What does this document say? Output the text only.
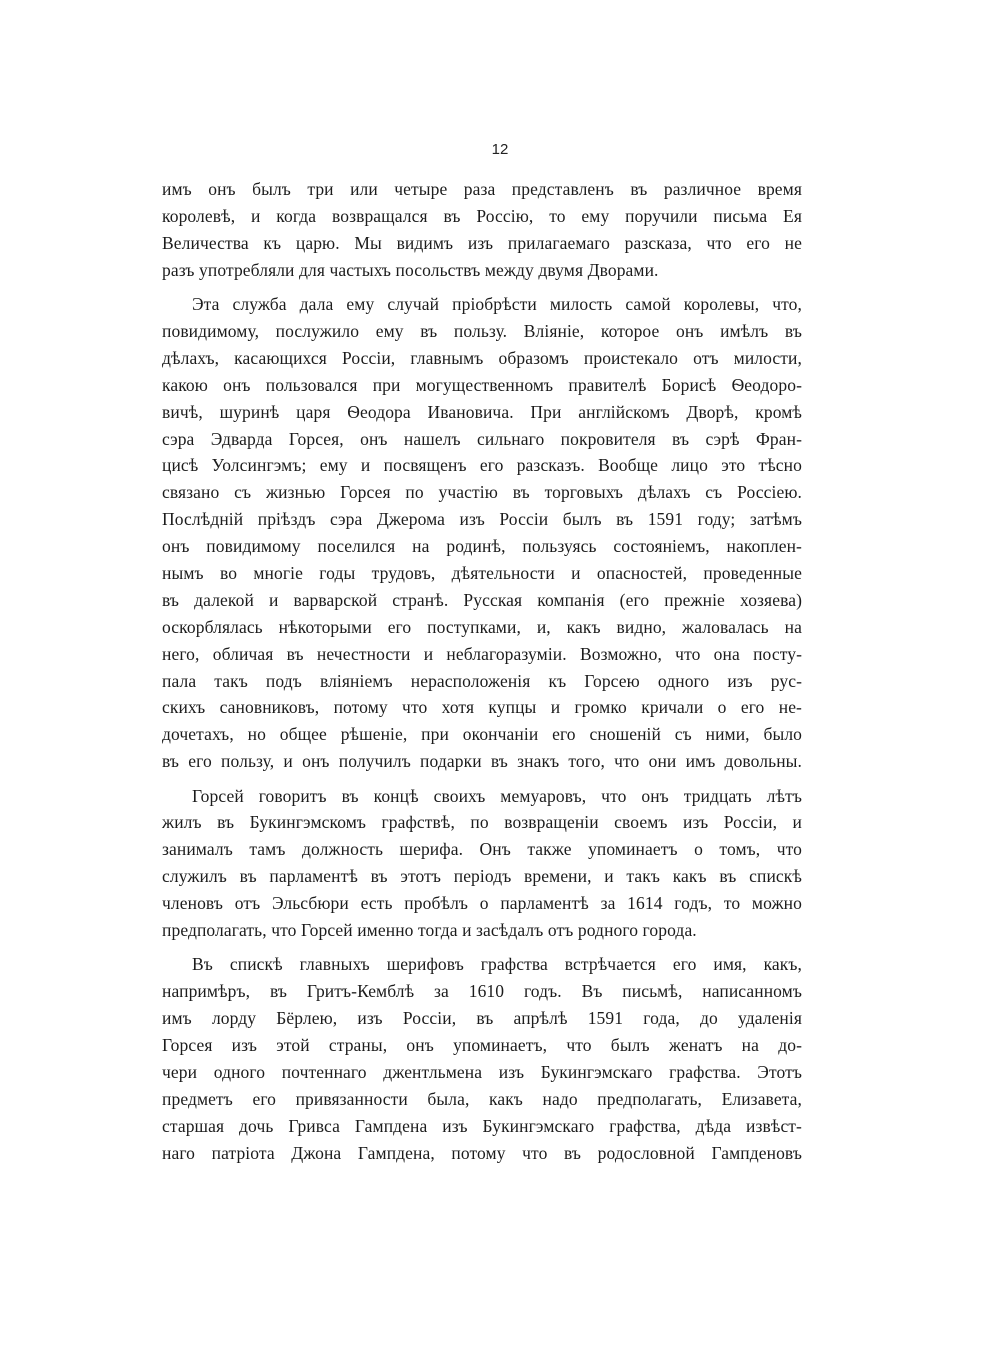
12
имъ онъ былъ три или четыре раза представленъ въ различное время
королевѣ, и когда возвращался въ Россію, то ему поручили письма Ея
Величества къ царю. Мы видимъ изъ прилагаемаго разсказа, что его не
разъ употребляли для частыхъ посольствъ между двумя Дворами.
Эта служба дала ему случай пріобрѣсти милость самой королевы, что,
повидимому, послужило ему въ пользу. Вліяніе, которое онъ имѣлъ въ
дѣлахъ, касающихся Россіи, главнымъ образомъ проистекало отъ милости,
какою онъ пользовался при могущественномъ правителѣ Борисѣ Ѳеодоро-
вичѣ, шуринѣ царя Ѳеодора Ивановича. При англійскомъ Дворѣ, кромѣ
сэра Эдварда Горсея, онъ нашелъ сильнаго покровителя въ сэрѣ Фран-
цисѣ Уолсингэмъ; ему и посвященъ его разсказъ. Вообще лицо это тѣсно
связано съ жизнью Горсея по участію въ торговыхъ дѣлахъ съ Россіею.
Послѣдній пріѣздъ сэра Джерома изъ Россіи былъ въ 1591 году; затѣмъ
онъ повидимому поселился на родинѣ, пользуясь состояніемъ, накоплен-
нымъ во многіе годы трудовъ, дѣятельности и опасностей, проведенные
въ далекой и варварской странѣ. Русская компанія (его прежніе хозяева)
оскорблялась нѣкоторыми его поступками, и, какъ видно, жаловалась на
него, обличая въ нечестности и неблагоразуміи. Возможно, что она посту-
пала такъ подъ вліяніемъ нерасположенія къ Горсею одного изъ рус-
скихъ сановниковъ, потому что хотя купцы и громко кричали о его не-
дочетахъ, но общее рѣшеніе, при окончаніи его сношеній съ ними, было
въ его пользу, и онъ получилъ подарки въ знакъ того, что они имъ довольны.
Горсей говоритъ въ концѣ своихъ мемуаровъ, что онъ тридцать лѣтъ
жилъ въ Букингэмскомъ графствѣ, по возвращеніи своемъ изъ Россіи, и
занималъ тамъ должность шерифа. Онъ также упоминаетъ о томъ, что
служилъ въ парламентѣ въ этотъ періодъ времени, и такъ какъ въ спискѣ
членовъ отъ Эльсбюри есть пробѣлъ о парламентѣ за 1614 годъ, то можно
предполагать, что Горсей именно тогда и засѣдалъ отъ родного города.
Въ спискѣ главныхъ шерифовъ графства встрѣчается его имя, какъ,
напримѣръ, въ Гритъ-Кемблѣ за 1610 годъ. Въ письмѣ, написанномъ
имъ лорду Бёрлею, изъ Россіи, въ апрѣлѣ 1591 года, до удаленія
Горсея изъ этой страны, онъ упоминаетъ, что былъ женатъ на до-
чери одного почтеннаго джентльмена изъ Букингэмскаго графства. Этотъ
предметъ его привязанности была, какъ надо предполагать, Елизавета,
старшая дочь Гривса Гампдена изъ Букингэмскаго графства, дѣда извѣст-
наго патріота Джона Гампдена, потому что въ родословной Гампденовъ
